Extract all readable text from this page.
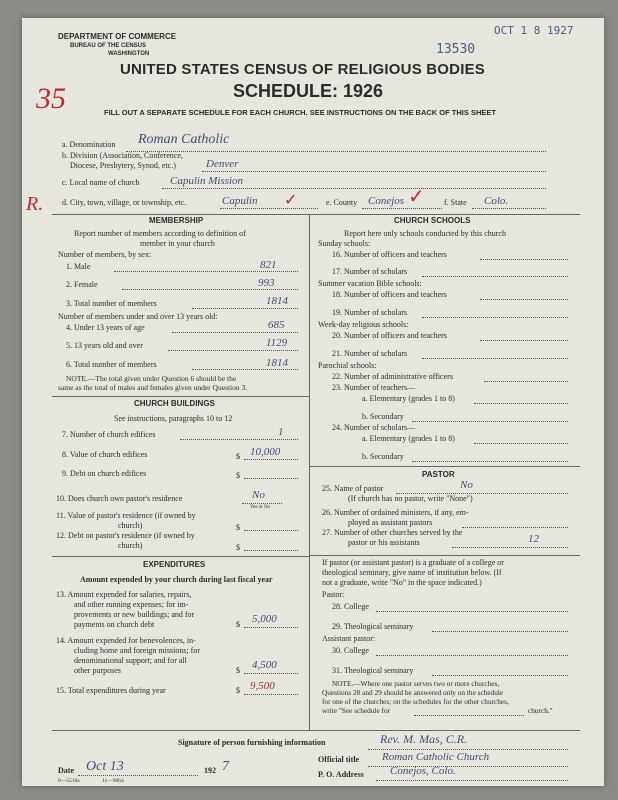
DEPARTMENT OF COMMERCE
BUREAU OF THE CENSUS
WASHINGTON	13530
OCT 1 8 1927
35
UNITED STATES CENSUS OF RELIGIOUS BODIES
SCHEDULE: 1926
FILL OUT A SEPARATE SCHEDULE FOR EACH CHURCH. SEE INSTRUCTIONS ON THE BACK OF THIS SHEET
a. Denomination Roman Catholic
b. Division (Association, Conference,
Diocese, Presbytery, Synod, etc.)	Denver
c. Local name of church	Capulin Mission
R. d. City, town, village, or township, etc.	Capulin ✓	e. County Conejos ✓ f. State Colo.
MEMBERSHIP
Report number of members according to definition of
member in your church
Number of members, by sex:
1. Male	821
2. Female	993
3. Total number of members	1814
Number of members under and over 13 years old:
4. Under 13 years of age	685
5. 13 years old and over	1129
6. Total number of members	1814
NOTE.—The total given under Question 6 should be the
same as the total of males and females given under Question 3.
CHURCH BUILDINGS
See instructions, paragraphs 10 to 12
7. Number of church edifices	1
8. Value of church edifices	$ 10,000
9. Debt on church edifices	$
10. Does church own pastor's residence	No
Yes or No
11. Value of pastor's residence (if owned by
church)	$
12. Debt on pastor's residence (if owned by
church)	$
EXPENDITURES
Amount expended by your church during last fiscal year
13. Amount expended for salaries, repairs,
and other running expenses; for im-
provements or new buildings; and for
payments on church debt	$ 5,000
14. Amount expended for benevolences, in-
cluding home and foreign missions; for
denominational support; and for all
other purposes	$ 4,500
15. Total expenditures during year	$ 9,500
CHURCH SCHOOLS
Report here only schools conducted by this church
Sunday schools:
16. Number of officers and teachers
17. Number of scholars
Summer vacation Bible schools:
18. Number of officers and teachers
19. Number of scholars
Week-day religious schools:
20. Number of officers and teachers
21. Number of scholars
Parochial schools:
22. Number of administrative officers
23. Number of teachers—
a. Elementary (grades 1 to 8)
b. Secondary
24. Number of scholars—
a. Elementary (grades 1 to 8)
b. Secondary
PASTOR
25. Name of pastor	No
(If church has no pastor, write "None")
26. Number of ordained ministers, if any, em-
ployed as assistant pastors
27. Number of other churches served by the
pastor or his assistants	12
If pastor (or assistant pastor) is a graduate of a college or
theological seminary, give name of institution below. (If
not a graduate, write "No" in the space indicated.)
Pastor:
28. College
29. Theological seminary
Assistant pastor:
30. College
31. Theological seminary
NOTE.—Where one pastor serves two or more churches,
Questions 28 and 29 should be answered only on the schedule
for one of the churches; on the schedules for the other churches,
write "See schedule for	church."
Signature of person furnishing information	Rev. M. Mas, C.R.
Official title Roman Catholic Church
Date Oct 13	192 7
P. O. Address Conejos, Colo.
8—5518a	11—9064
